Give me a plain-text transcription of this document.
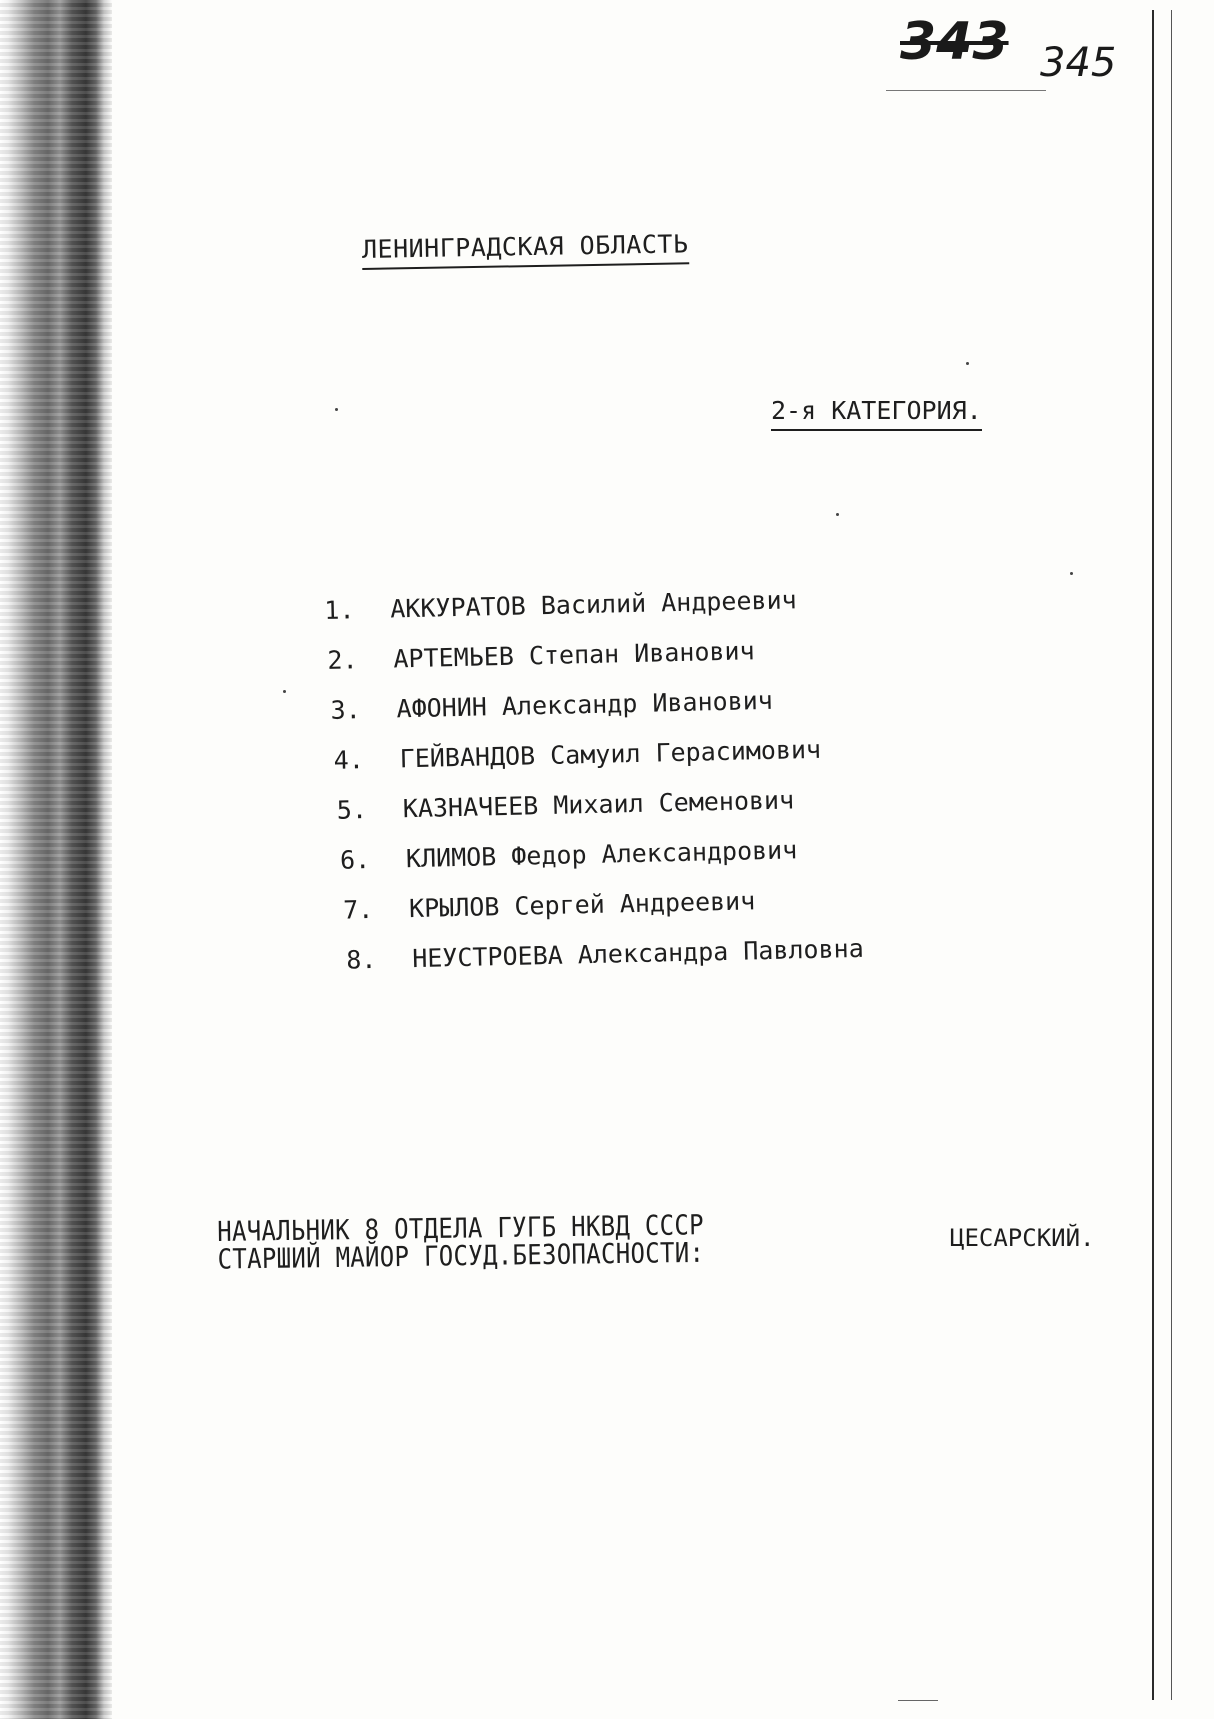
343 345
ЛЕНИНГРАДСКАЯ ОБЛАСТЬ
2-я КАТЕГОРИЯ.
1. АККУРАТОВ Василий Андреевич
2. АРТЕМЬЕВ Степан Иванович
3. АФОНИН Александр Иванович
4. ГЕЙВАНДОВ Самуил Герасимович
5. КАЗНАЧЕЕВ Михаил Семенович
6. КЛИМОВ Федор Александрович
7. КРЫЛОВ Сергей Андреевич
8. НЕУСТРОЕВА Александра Павловна
НАЧАЛЬНИК 8 ОТДЕЛА ГУГБ НКВД СССР
СТАРШИЙ МАЙОР ГОСУД.БЕЗОПАСНОСТИ:	ЦЕСАРСКИЙ.
